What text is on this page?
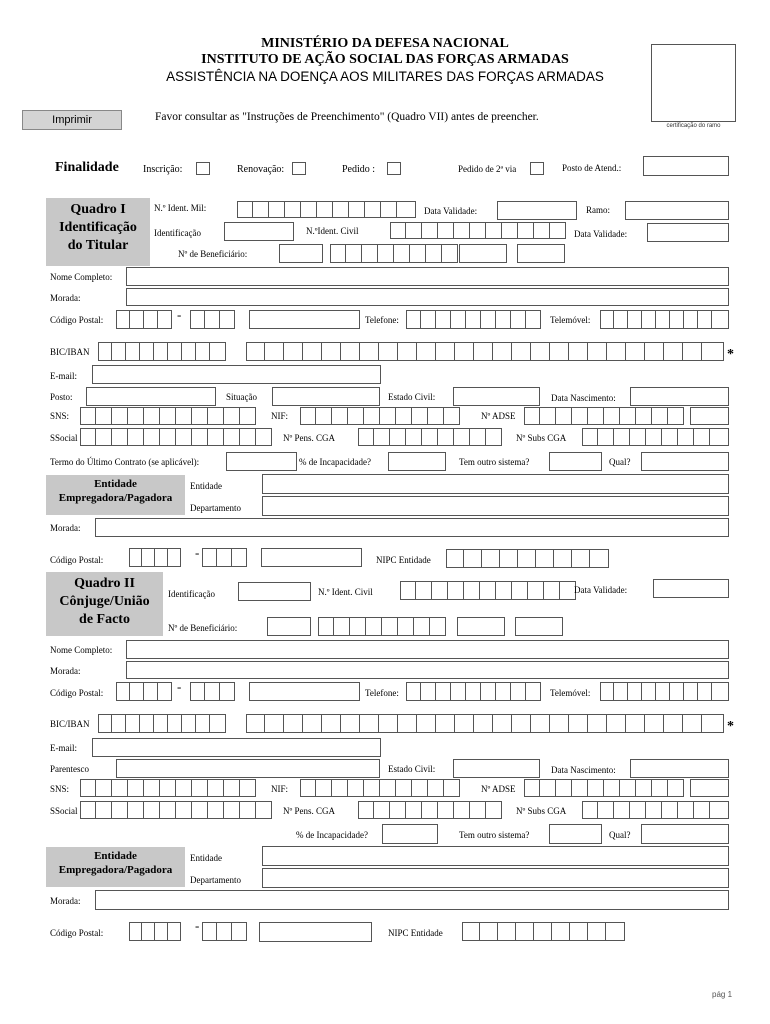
MINISTÉRIO DA DEFESA NACIONAL
INSTITUTO DE AÇÃO SOCIAL DAS FORÇAS ARMADAS
ASSISTÊNCIA NA DOENÇA AOS MILITARES DAS FORÇAS ARMADAS
certificação do ramo
Imprimir	Favor consultar as "Instruções de Preenchimento" (Quadro VII) antes de preencher.
Finalidade Inscrição:	Renovação:	Pedido :	Pedido de 2ª via	Posto de Atend.:
Quadro I
Identificação
do Titular
N.º Ident. Mil:	Data Validade:	Ramo:
Identificação	N.ºIdent. Civil	Data Validade:
Nº de Beneficiário:
Nome Completo:
Morada:
Código Postal:	-	Telefone:	Telemóvel:
BIC/IBAN	*
E-mail:
Posto:	Situação	Estado Civil:	Data Nascimento:
SNS:	NIF:	Nº ADSE
SSocial	Nº Pens. CGA	Nº Subs CGA
Termo do Último Contrato (se aplicável):	% de Incapacidade?	Tem outro sistema?	Qual?
Entidade
Empregadora/Pagadora
Entidade
Departamento
Morada:
Código Postal:	-	NIPC Entidade
Quadro II
Cônjuge/União
de Facto
Identificação	N.º Ident. Civil	Data Validade:
Nº de Beneficiário:
Nome Completo:
Morada:
Código Postal:	-	Telefone:	Telemóvel:
BIC/IBAN	*
E-mail:
Parentesco	Estado Civil:	Data Nascimento:
SNS:	NIF:	Nº ADSE
SSocial	Nº Pens. CGA	Nº Subs CGA
% de Incapacidade?	Tem outro sistema?	Qual?
Entidade
Empregadora/Pagadora
Entidade
Departamento
Morada:
Código Postal:	-	NIPC Entidade
pág 1
